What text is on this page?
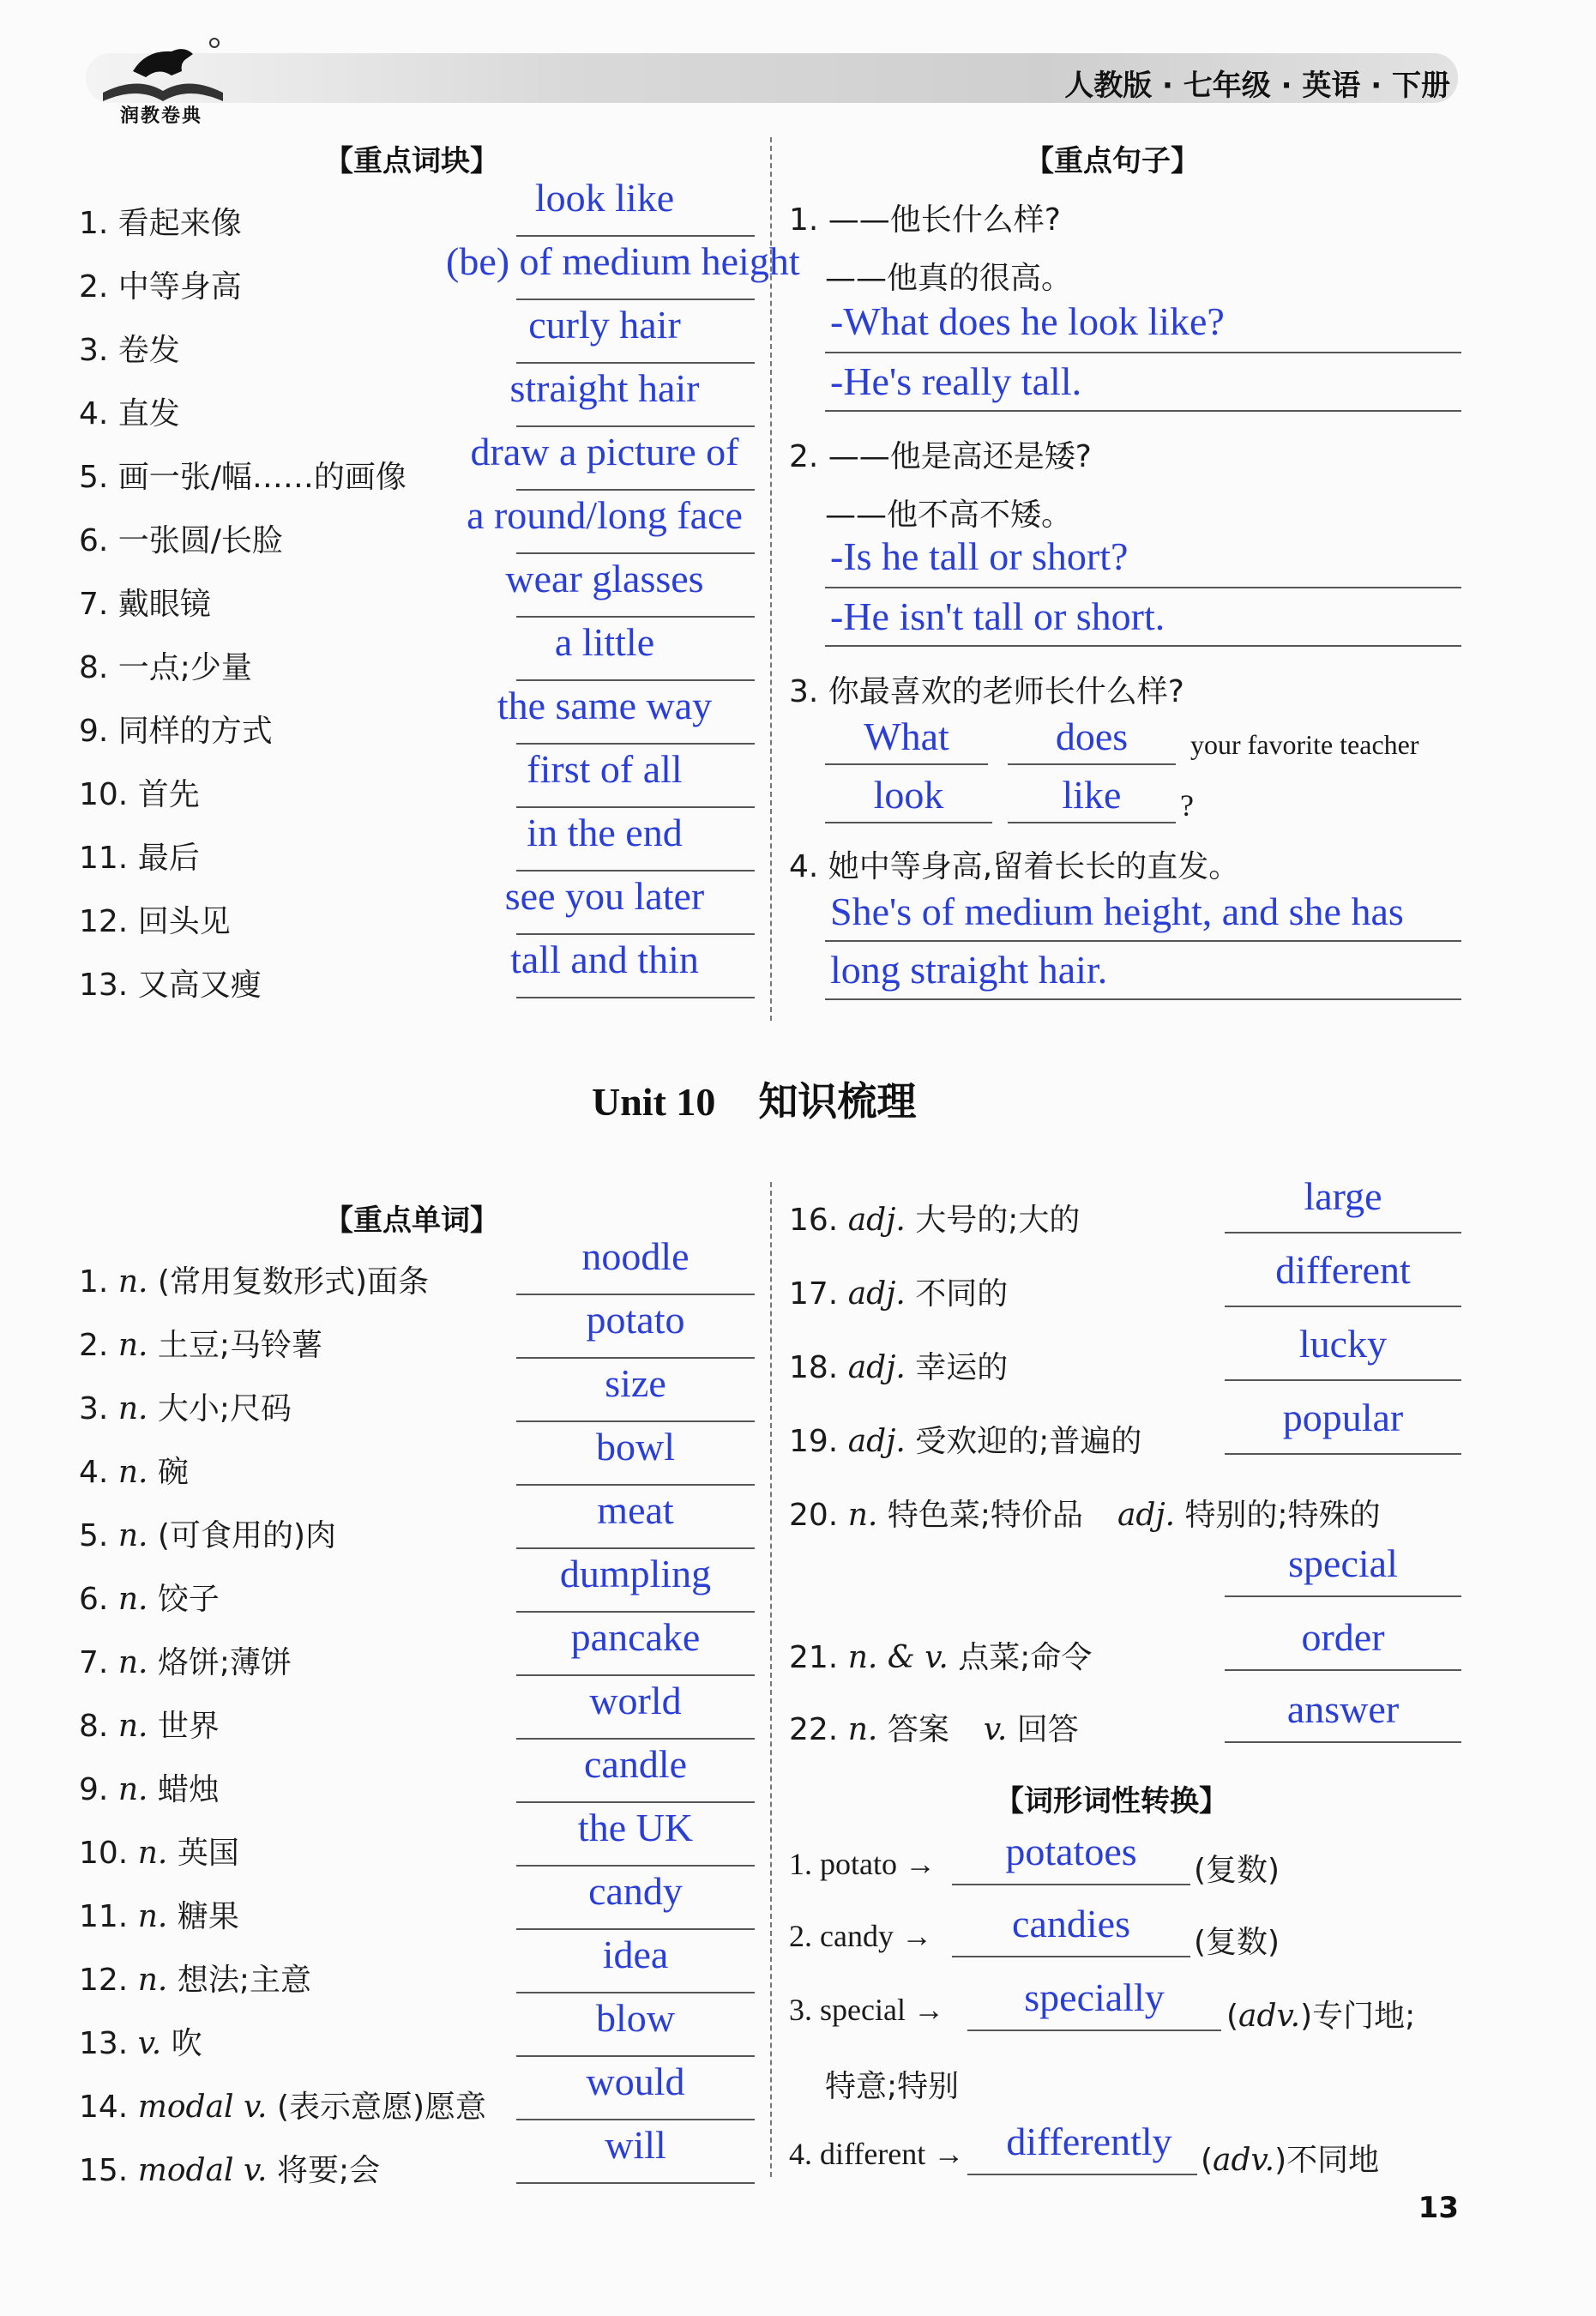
润教卷典
人教版 · 七年级 · 英语 · 下册
【重点词块】
1. 看起来像
look like
2. 中等身高
(be) of medium height
3. 卷发
curly hair
4. 直发
straight hair
5. 画一张/幅……的画像
draw a picture of
6. 一张圆/长脸
a round/long face
7. 戴眼镜
wear glasses
8. 一点;少量
a little
9. 同样的方式
the same way
10. 首先
first of all
11. 最后
in the end
12. 回头见
see you later
13. 又高又瘦
tall and thin
【重点句子】
1. ——他长什么样?
——他真的很高。
-What does he look like?
-He's really tall.
2. ——他是高还是矮?
——他不高不矮。
-Is he tall or short?
-He isn't tall or short.
3. 你最喜欢的老师长什么样?
What	does	your favorite teacher
look	like	?
4. 她中等身高,留着长长的直发。
She's of medium height, and she has
long straight hair.
Unit 10 知识梳理
【重点单词】
1. n. (常用复数形式)面条
noodle
2. n. 土豆;马铃薯
potato
3. n. 大小;尺码
size
4. n. 碗
bowl
5. n. (可食用的)肉
meat
6. n. 饺子
dumpling
7. n. 烙饼;薄饼
pancake
8. n. 世界
world
9. n. 蜡烛
candle
10. n. 英国
the UK
11. n. 糖果
candy
12. n. 想法;主意
idea
13. v. 吹
blow
14. modal v. (表示意愿)愿意
would
15. modal v. 将要;会
will
16. adj. 大号的;大的
large
17. adj. 不同的
different
18. adj. 幸运的
lucky
19. adj. 受欢迎的;普遍的
popular
20. n. 特色菜;特价品 adj. 特别的;特殊的
special
21. n. & v. 点菜;命令	order
22. n. 答案 v. 回答	answer
【词形词性转换】
1. potato →	potatoes	(复数)
2. candy →	candies	(复数)
3. special →	specially	(adv.)专门地;
特意;特别
4. different →	differently (adv.)不同地
13
